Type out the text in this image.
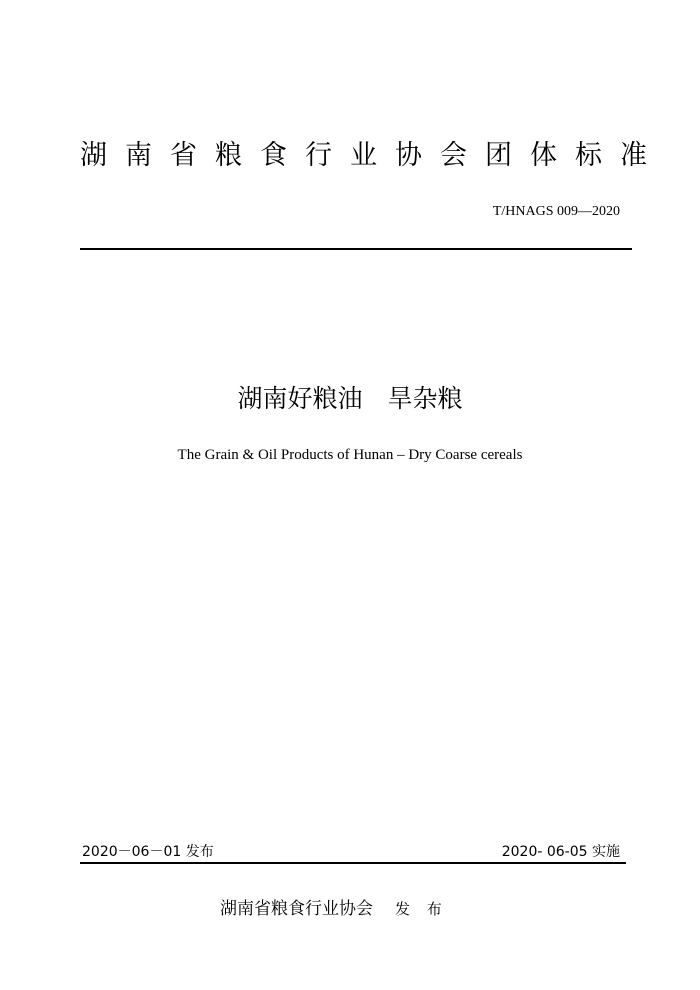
湖南省粮食行业协会团体标准
T/HNAGS 009—2020
湖南好粮油　旱杂粮
The Grain & Oil Products of Hunan – Dry Coarse cereals
2020－06－01 发布	2020- 06-05 实施
湖南省粮食行业协会 发 布
